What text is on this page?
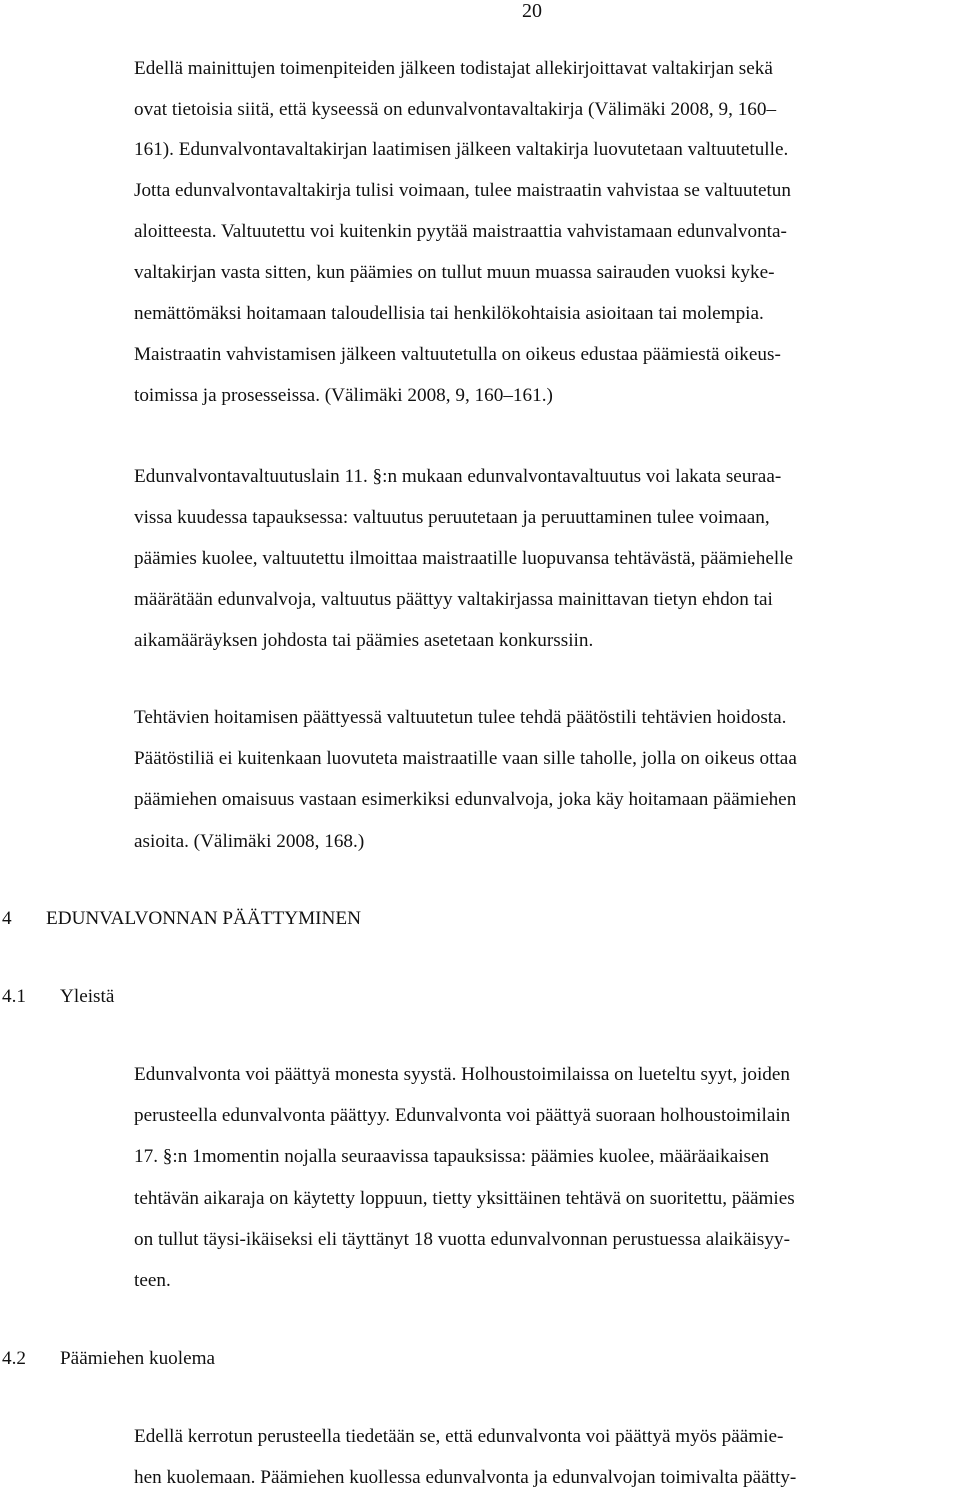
20
Edellä mainittujen toimenpiteiden jälkeen todistajat allekirjoittavat valtakirjan sekä
ovat tietoisia siitä, että kyseessä on edunvalvontavaltakirja (Välimäki 2008, 9, 160–
161). Edunvalvontavaltakirjan laatimisen jälkeen valtakirja luovutetaan valtuutetulle.
Jotta edunvalvontavaltakirja tulisi voimaan, tulee maistraatin vahvistaa se valtuutetun
aloitteesta. Valtuutettu voi kuitenkin pyytää maistraattia vahvistamaan edunvalvonta-
valtakirjan vasta sitten, kun päämies on tullut muun muassa sairauden vuoksi kyke-
nemättömäksi hoitamaan taloudellisia tai henkilökohtaisia asioitaan tai molempia.
Maistraatin vahvistamisen jälkeen valtuutetulla on oikeus edustaa päämiestä oikeus-
toimissa ja prosesseissa. (Välimäki 2008, 9, 160–161.)
Edunvalvontavaltuutuslain 11. §:n mukaan edunvalvontavaltuutus voi lakata seuraa-
vissa kuudessa tapauksessa: valtuutus peruutetaan ja peruuttaminen tulee voimaan,
päämies kuolee, valtuutettu ilmoittaa maistraatille luopuvansa tehtävästä, päämiehelle
määrätään edunvalvoja, valtuutus päättyy valtakirjassa mainittavan tietyn ehdon tai
aikamääräyksen johdosta tai päämies asetetaan konkurssiin.
Tehtävien hoitamisen päättyessä valtuutetun tulee tehdä päätöstili tehtävien hoidosta.
Päätöstiliä ei kuitenkaan luovuteta maistraatille vaan sille taholle, jolla on oikeus ottaa
päämiehen omaisuus vastaan esimerkiksi edunvalvoja, joka käy hoitamaan päämiehen
asioita. (Välimäki 2008, 168.)
4 EDUNVALVONNAN PÄÄTTYMINEN
4.1 Yleistä
Edunvalvonta voi päättyä monesta syystä. Holhoustoimilaissa on lueteltu syyt, joiden
perusteella edunvalvonta päättyy. Edunvalvonta voi päättyä suoraan holhoustoimilain
17. §:n 1momentin nojalla seuraavissa tapauksissa: päämies kuolee, määräaikaisen
tehtävän aikaraja on käytetty loppuun, tietty yksittäinen tehtävä on suoritettu, päämies
on tullut täysi-ikäiseksi eli täyttänyt 18 vuotta edunvalvonnan perustuessa alaikäisyy-
teen.
4.2 Päämiehen kuolema
Edellä kerrotun perusteella tiedetään se, että edunvalvonta voi päättyä myös päämie-
hen kuolemaan. Päämiehen kuollessa edunvalvonta ja edunvalvojan toimivalta päätty-
